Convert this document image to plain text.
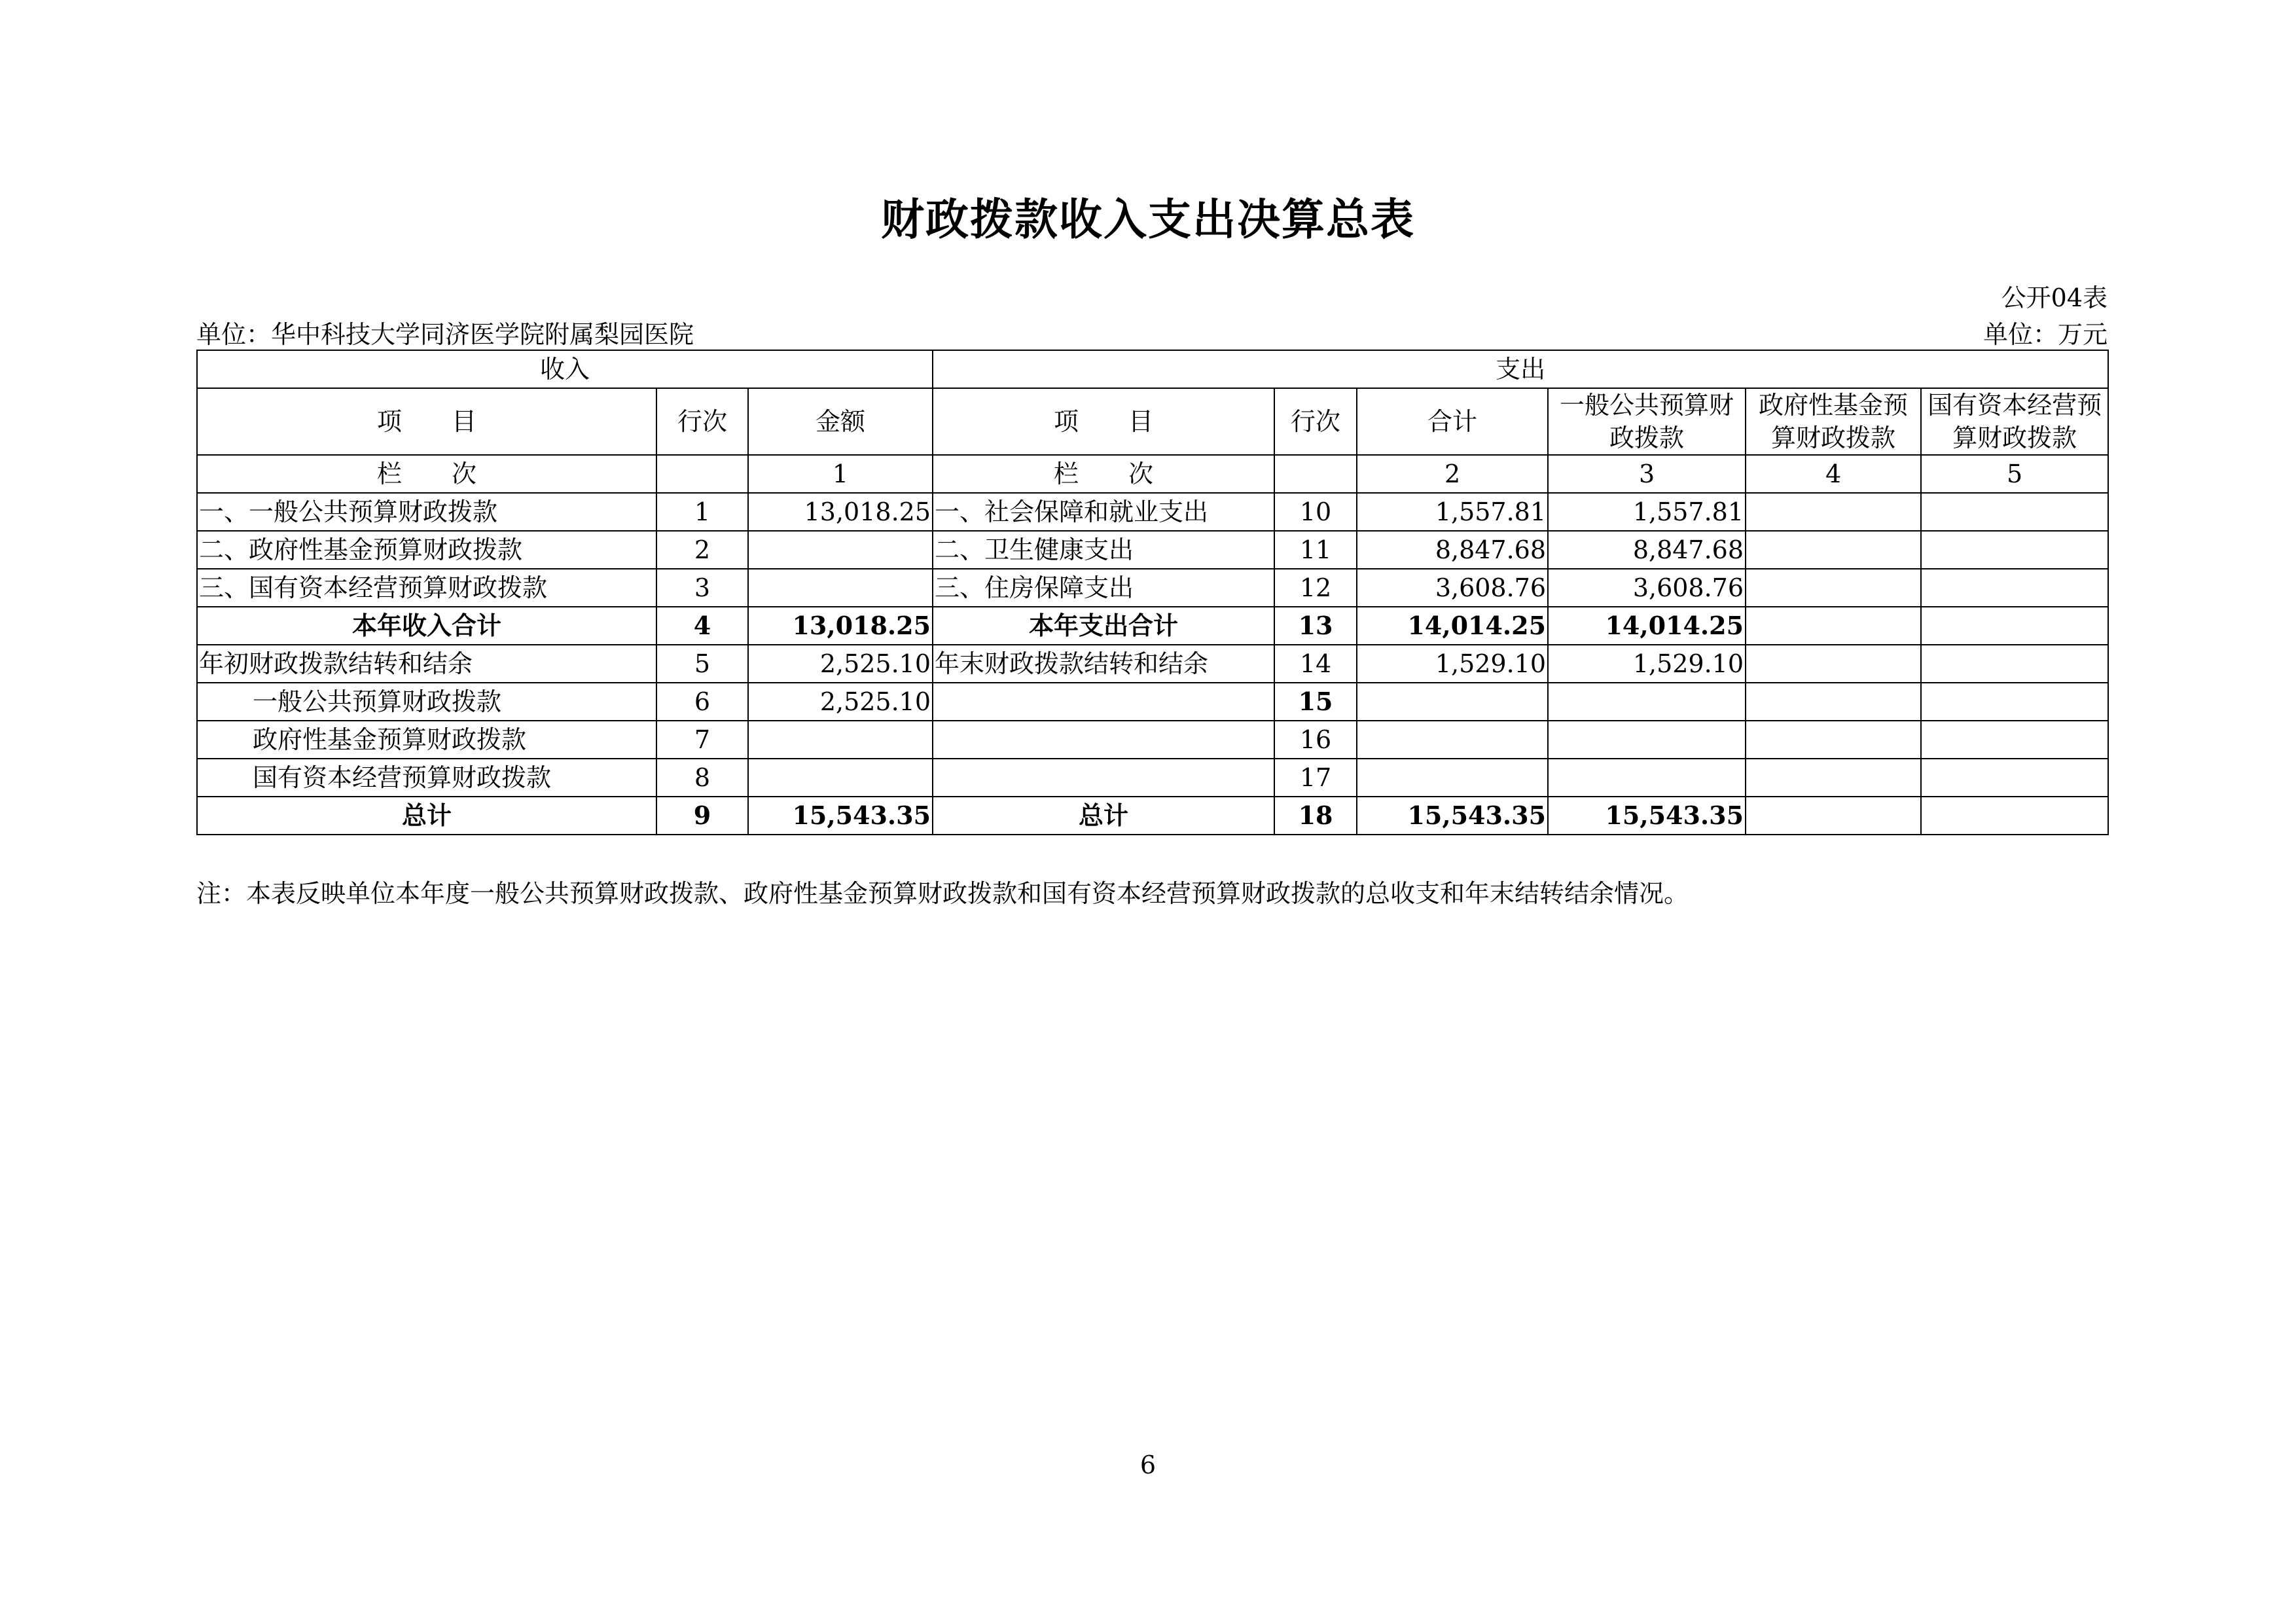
财政拨款收入支出决算总表
公开04表
单位：华中科技大学同济医学院附属梨园医院	单位：万元
收入			支出					
项　　目	行次	金额	项　　目	行次	合计	一般公共预算财政拨款	政府性基金预算财政拨款	国有资本经营预算财政拨款
栏　　次		1	栏　　次		2	3	4	5
一、一般公共预算财政拨款	1	13,018.25	一、社会保障和就业支出	10	1,557.81	1,557.81		
二、政府性基金预算财政拨款	2		二、卫生健康支出	11	8,847.68	8,847.68		
三、国有资本经营预算财政拨款	3		三、住房保障支出	12	3,608.76	3,608.76		
本年收入合计	4	13,018.25	本年支出合计	13	14,014.25	14,014.25		
年初财政拨款结转和结余	5	2,525.10	年末财政拨款结转和结余	14	1,529.10	1,529.10		
一般公共预算财政拨款	6	2,525.10		15				
政府性基金预算财政拨款	7			16				
国有资本经营预算财政拨款	8			17				
总计	9	15,543.35	总计	18	15,543.35	15,543.35		
注：本表反映单位本年度一般公共预算财政拨款、政府性基金预算财政拨款和国有资本经营预算财政拨款的总收支和年末结转结余情况。
6
